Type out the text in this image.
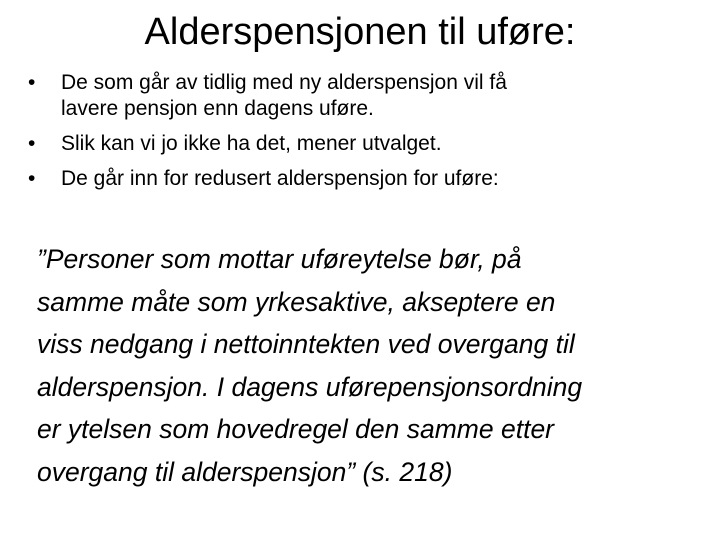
Alderspensjonen til uføre:
• De som går av tidlig med ny alderspensjon vil få
lavere pensjon enn dagens uføre.
• Slik kan vi jo ikke ha det, mener utvalget.
• De går inn for redusert alderspensjon for uføre:

”Personer som mottar uføreytelse bør, på
samme måte som yrkesaktive, akseptere en
viss nedgang i nettoinntekten ved overgang til
alderspensjon. I dagens uførepensjonsordning
er ytelsen som hovedregel den samme etter
overgang til alderspensjon” (s. 218)
